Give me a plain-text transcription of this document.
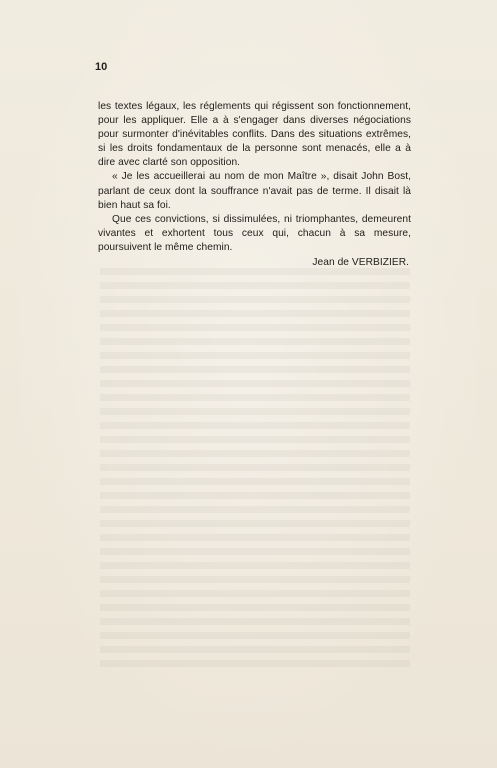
10

les textes légaux, les réglements qui régissent son fonctionnement, pour les appliquer. Elle a à s'engager dans diverses négociations pour surmonter d'inévitables conflits. Dans des situations extrêmes, si les droits fondamentaux de la personne sont menacés, elle a à dire avec clarté son opposition.

« Je les accueillerai au nom de mon Maître », disait John Bost, parlant de ceux dont la souffrance n'avait pas de terme. Il disait là bien haut sa foi.

Que ces convictions, si dissimulées, ni triomphantes, demeurent vivantes et exhortent tous ceux qui, chacun à sa mesure, poursuivent le même chemin.

Jean de VERBIZIER.
